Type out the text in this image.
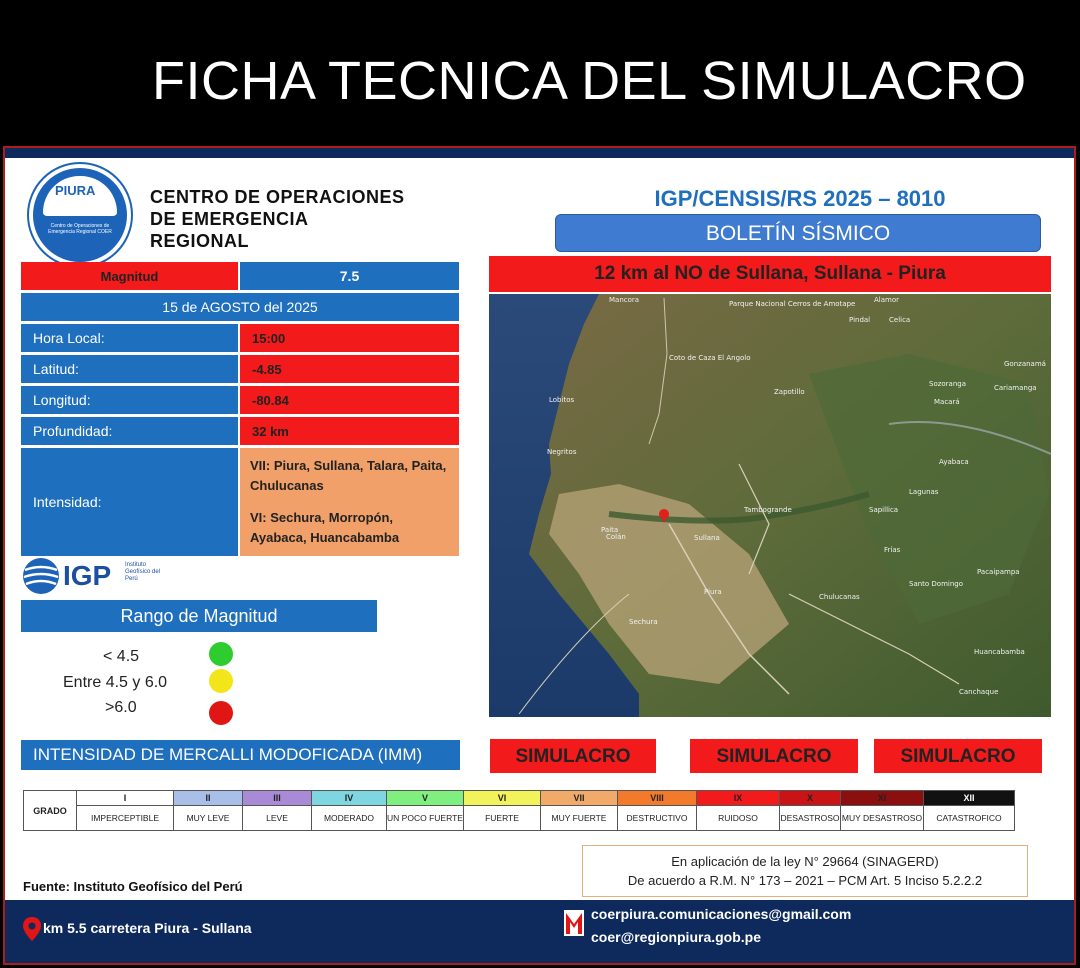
FICHA TECNICA DEL SIMULACRO
PIURA
Centro de Operaciones de Emergencia Regional COER
CENTRO DE OPERACIONES
DE EMERGENCIA
REGIONAL
IGP/CENSIS/RS 2025 – 8010
BOLETÍN SÍSMICO
12 km al NO de Sullana, Sullana - Piura
Magnitud	7.5
15 de AGOSTO del 2025
Hora Local:	15:00
Latitud:	-4.85
Longitud:	-80.84
Profundidad:	32 km
Intensidad:
VII: Piura, Sullana, Talara, Paita, Chulucanas
VI: Sechura, Morropón, Ayabaca, Huancabamba
IGP Instituto Geofísico del Perú
Rango de Magnitud
< 4.5
Entre 4.5 y 6.0
>6.0
Mancora	Parque Nacional Cerros de Amotape
Coto de Caza El Angolo
Lobitos
Negritos
Sullana
Paita
Piura
Chulucanas
Sechura
Ayabaca
Huancabamba
Macará
Santo Domingo
Canchaque
Colán
Tambogrande
Pacaipampa
Zapotillo
Pindal
Alamor
Celica
Sozoranga	Cariamanga
Gonzanamá
Frías
Sapillica
Lagunas
INTENSIDAD DE MERCALLI MODOFICADA (IMM)	SIMULACRO	SIMULACRO	SIMULACRO
GRADO	I	II	III	IV	V	VI	VII	VIII	IX	X	XI	XII
	IMPERCEPTIBLE	MUY LEVE	LEVE	MODERADO	UN POCO FUERTE	FUERTE	MUY FUERTE	DESTRUCTIVO	RUIDOSO	DESASTROSO	MUY DESASTROSO	CATASTROFICO
Fuente: Instituto Geofísico del Perú
En aplicación de la ley N° 29664 (SINAGERD)
De acuerdo a R.M. N° 173 – 2021 – PCM Art. 5 Inciso 5.2.2.2
km 5.5 carretera Piura - Sullana
coerpiura.comunicaciones@gmail.com
coer@regionpiura.gob.pe
